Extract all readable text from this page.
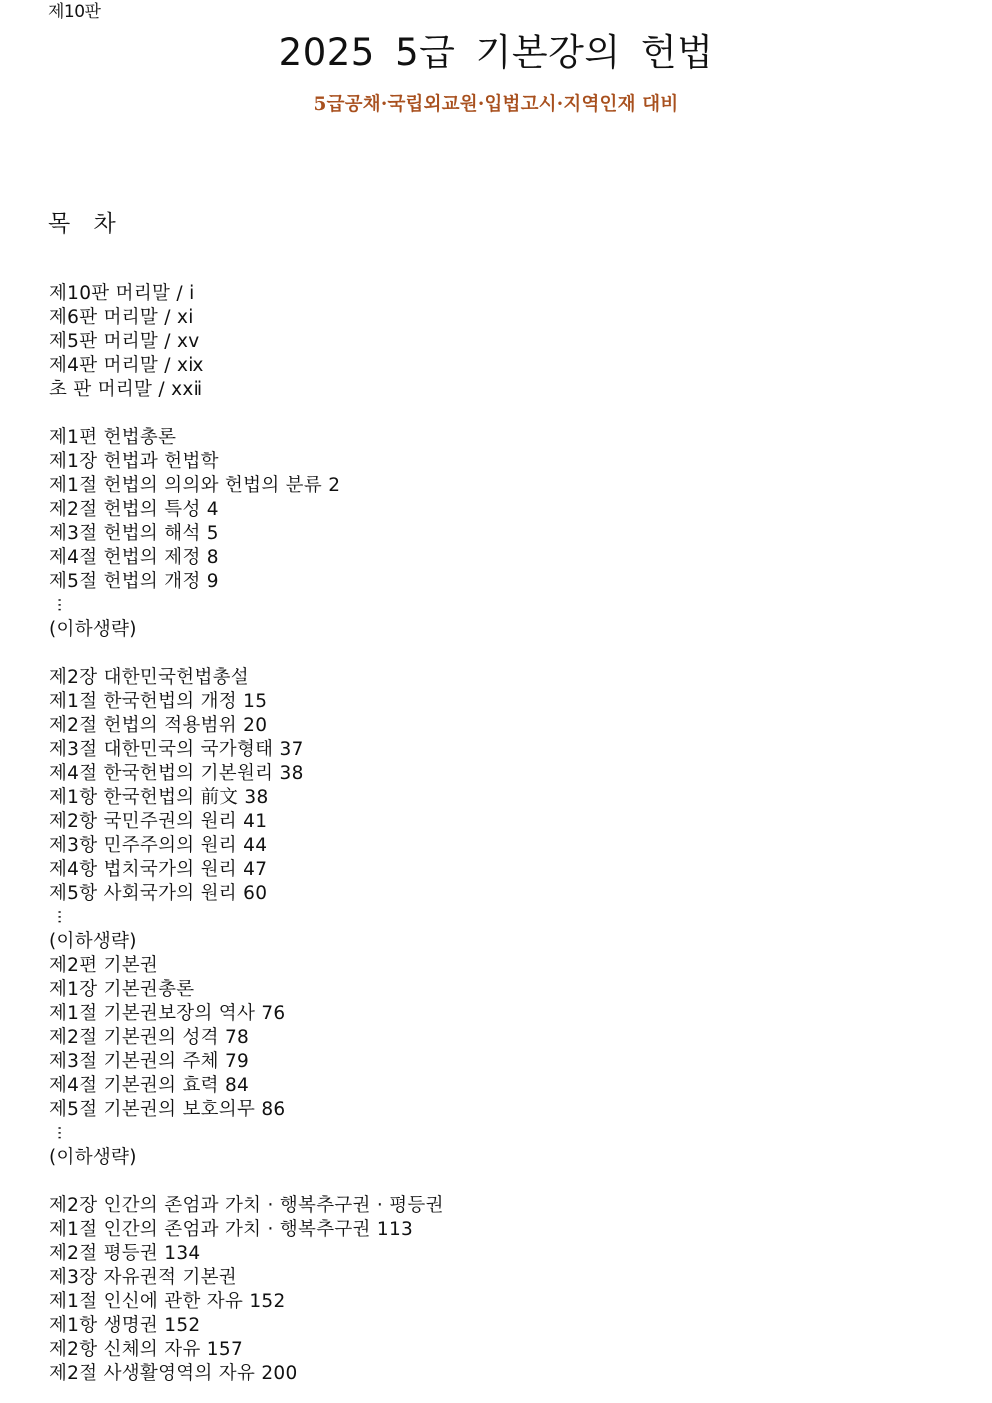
제10판
2025 5급 기본강의 헌법
5급공채·국립외교원·입법고시·지역인재 대비
목 차
제10판 머리말 / ⅰ
제6판 머리말 / ⅹⅰ
제5판 머리말 / ⅹⅴ
제4판 머리말 / ⅹⅸ
초 판 머리말 / ⅹⅹⅱ
제1편 헌법총론
제1장 헌법과 헌법학
제1절 헌법의 의의와 헌법의 분류 2
제2절 헌법의 특성 4
제3절 헌법의 해석 5
제4절 헌법의 제정 8
제5절 헌법의 개정 9
⋯
(이하생략)
제2장 대한민국헌법총설
제1절 한국헌법의 개정 15
제2절 헌법의 적용범위 20
제3절 대한민국의 국가형태 37
제4절 한국헌법의 기본원리 38
제1항 한국헌법의 前文 38
제2항 국민주권의 원리 41
제3항 민주주의의 원리 44
제4항 법치국가의 원리 47
제5항 사회국가의 원리 60
⋯
(이하생략)
제2편 기본권
제1장 기본권총론
제1절 기본권보장의 역사 76
제2절 기본권의 성격 78
제3절 기본권의 주체 79
제4절 기본권의 효력 84
제5절 기본권의 보호의무 86
⋯
(이하생략)
제2장 인간의 존엄과 가치 · 행복추구권 · 평등권
제1절 인간의 존엄과 가치 · 행복추구권 113
제2절 평등권 134
제3장 자유권적 기본권
제1절 인신에 관한 자유 152
제1항 생명권 152
제2항 신체의 자유 157
제2절 사생활영역의 자유 200
